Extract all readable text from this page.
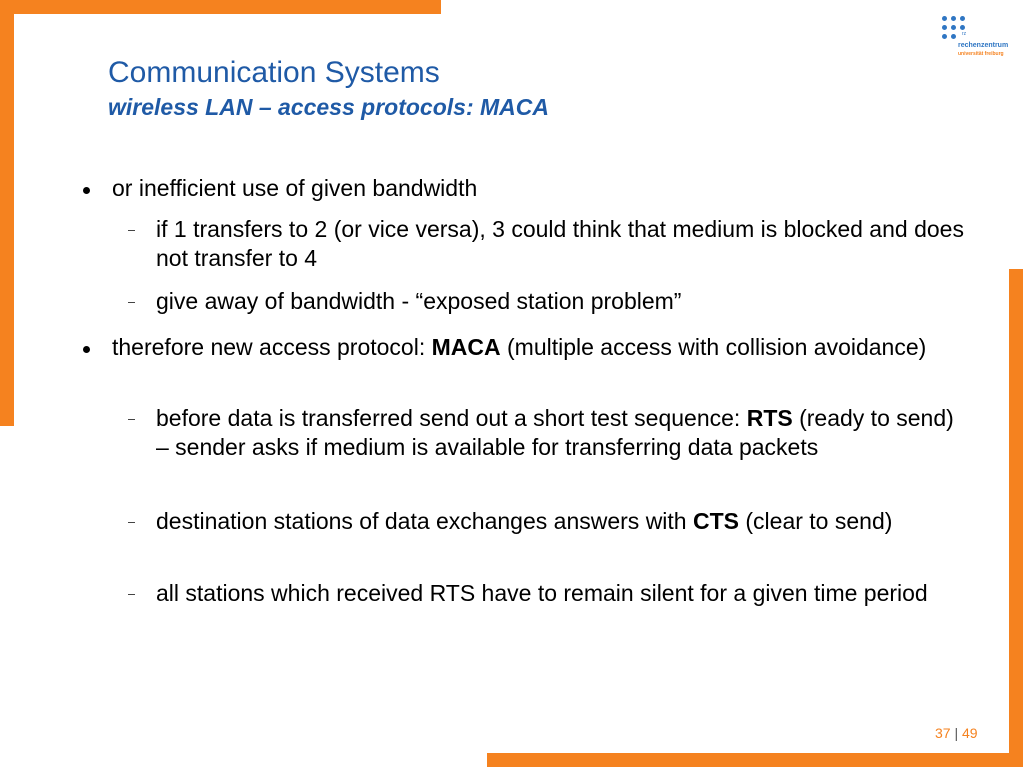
Communication Systems
wireless LAN – access protocols: MACA
rz
rechenzentrum
universität freiburg
or inefficient use of given bandwidth
if 1 transfers to 2 (or vice versa), 3 could think that medium is blocked and does not transfer to 4
give away of bandwidth - “exposed station problem”
therefore new access protocol: MACA (multiple access with collision avoidance)
before data is transferred send out a short test sequence: RTS (ready to send) – sender asks if medium is available for transferring data packets
destination stations of data exchanges answers with CTS (clear to send)
all stations which received RTS have to remain silent for a given time period
37 | 49
